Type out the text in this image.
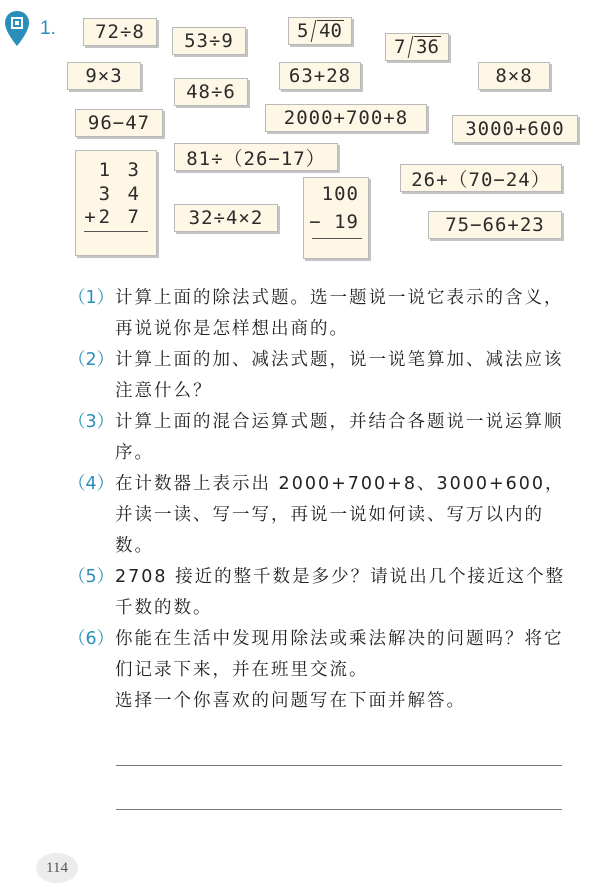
1.	72÷8	53÷9
9×3
48÷6
63+28	8×8
96−47	2000+700+8	3000+600
81÷（26−17）
26+（70−24）
32÷4×2	75−66+23
5 40
7 36
1 3
3 4
+2 7
100
− 19
（1） 计算上面的除法式题。选一题说一说它表示的含义，再说说你是怎样想出商的。
（2） 计算上面的加、减法式题，说一说笔算加、减法应该注意什么？
（3） 计算上面的混合运算式题，并结合各题说一说运算顺序。
（4） 在计数器上表示出 2000+700+8、3000+600，并读一读、写一写，再说一说如何读、写万以内的数。
（5） 2708 接近的整千数是多少？请说出几个接近这个整千数的数。
（6） 你能在生活中发现用除法或乘法解决的问题吗？将它们记录下来，并在班里交流。
选择一个你喜欢的问题写在下面并解答。
114
